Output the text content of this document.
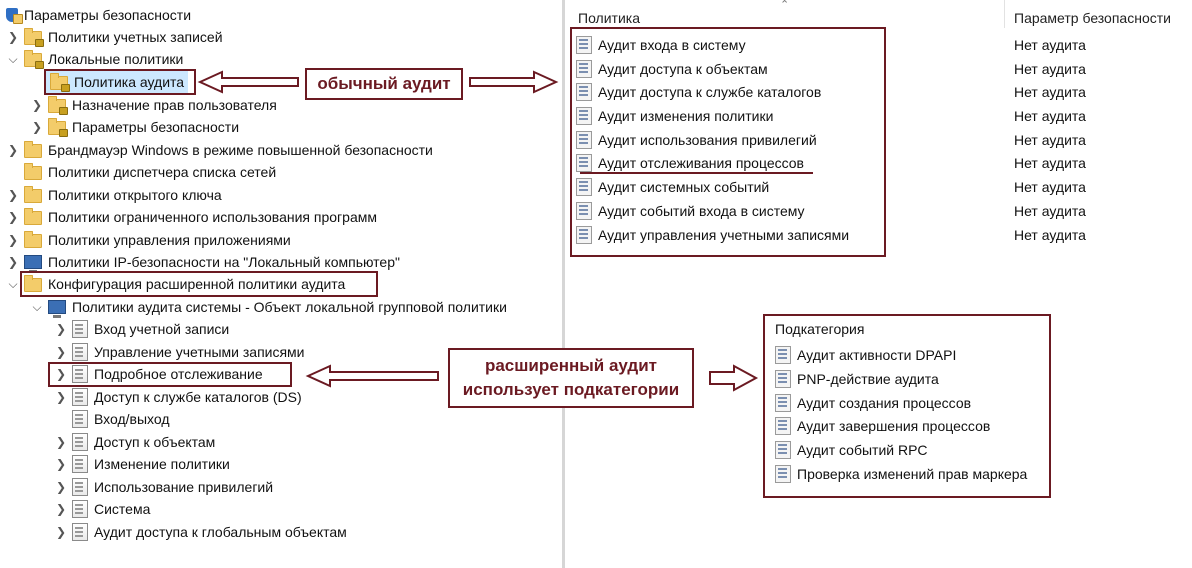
Параметры безопасности
❯ Политики учетных записей
⌵ Локальные политики
Политика аудита
❯ Назначение прав пользователя
❯ Параметры безопасности
❯ Брандмауэр Windows в режиме повышенной безопасности
Политики диспетчера списка сетей
❯ Политики открытого ключа
❯ Политики ограниченного использования программ
❯ Политики управления приложениями
❯ Политики IP-безопасности на "Локальный компьютер"
⌵ Конфигурация расширенной политики аудита
⌵ Политики аудита системы - Объект локальной групповой политики
❯ Вход учетной записи
❯ Управление учетными записями
❯ Подробное отслеживание
❯ Доступ к службе каталогов (DS)
Вход/выход
❯ Доступ к объектам
❯ Изменение политики
❯ Использование привилегий
❯ Система
❯ Аудит доступа к глобальным объектам
⌃
Политика	Параметр безопасности
Аудит входа в систему	Нет аудита
Аудит доступа к объектам	Нет аудита
Аудит доступа к службе каталогов	Нет аудита
Аудит изменения политики	Нет аудита
Аудит использования привилегий	Нет аудита
Аудит отслеживания процессов	Нет аудита
Аудит системных событий	Нет аудита
Аудит событий входа в систему	Нет аудита
Аудит управления учетными записями	Нет аудита
Подкатегория
Аудит активности DPAPI
PNP-действие аудита
Аудит создания процессов
Аудит завершения процессов
Аудит событий RPC
Проверка изменений прав маркера
обычный аудит
расширенный аудит
использует подкатегории
